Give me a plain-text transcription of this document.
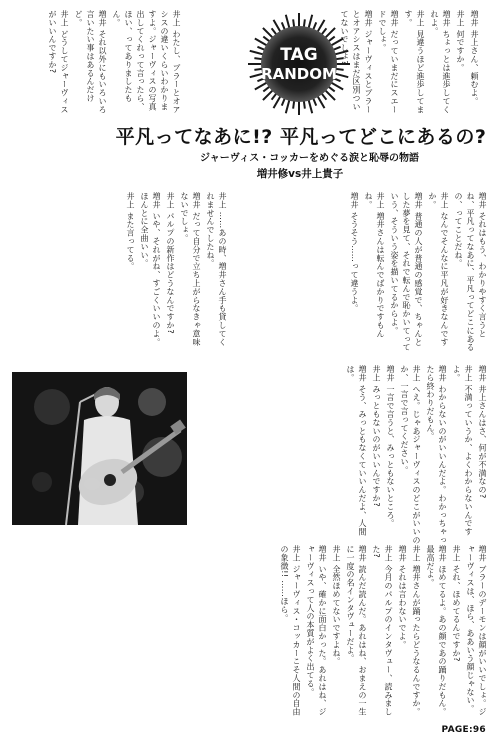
TAG
RANDOM
平凡ってなあに!? 平凡ってどこにあるの?
ジャーヴィス・コッカーをめぐる涙と恥辱の物語
増井修vs井上貴子

増井 井上さん、頼むよ。

井上 何ですか。

増井 ちょっとは進歩してくれよ。

井上 見違うほど進歩してます。

増井 だっていまだにスエードでしょ。

増井 ジャーヴィスとブラーとオアシスはまだ区別ついてないでしょ?

井上 わたし、ブラーとオアシスの違いくらいわかりますよ。ジャーヴィスの写真出してくれって言ったら、ほい、ってありましたもん。

増井 それ以外にもいろいろ言いたい事はあるんだけど。

井上 どうしてジャーヴィスがいいんですか?

増井 それはもう、わかりやすく言うとね、平凡ってなあに、平凡ってどこにあるの、ってことだね。

井上 なんでそんなに平凡が好きなんですか。

増井 普通の人が普通の感覚で、ちゃんとした夢を見て、それで転んで恥かいてっていう、そういう姿を描いてるからよ。

井上 増井さんは転んでばかりですもんね。

増井 そうそう……って違うよ。

井上 ……あの時、増井さん手も貸してくれませんでしたね。

増井 だって自分で立ち上がらなきゃ意味ないでしょ。

井上 パルプの新作はどうなんですか?

増井 いや、それがね、すごくいいのよ。ほんとに全曲いい。

井上 また言ってる。

増井 井上さんはさ、何が不満なの?

井上 不満っていうか、よくわからないんですよ。

増井 わからないのがいいんだよ。わかっちゃったら終わりだもん。

井上 へえ。じゃあジャーヴィスのどこがいいのか、一言で言ってください。

増井 一言で言うと、みっともないところ。

井上 みっともないのがいいんですか?

増井 そう、みっともなくていいんだよ、人間は。

増井 ブラーのデーモンは顔がいいでしょ。ジャーヴィスは、ほら、ああいう顔じゃない。

井上 それ、ほめてるんですか?

増井 ほめてるよ。あの顔であの踊りだもん。最高だよ。

井上 増井さんが踊ったらどうなるんですか。

増井 それは言わないでよ。

井上 今月のパルプのインタヴュー、読みました?

増井 読んだ読んだ。あれはね、おまえの一生に一度の名インタヴューだよ。

井上 全然ほめてないですよね。

増井 いや、確かに面白かった。あれはね、ジャーヴィスって人の本質がよく出てる。

井上 ジャーヴィス・コッカーこそ人間の自由の象徴!! ……ほら。

PAGE:96
